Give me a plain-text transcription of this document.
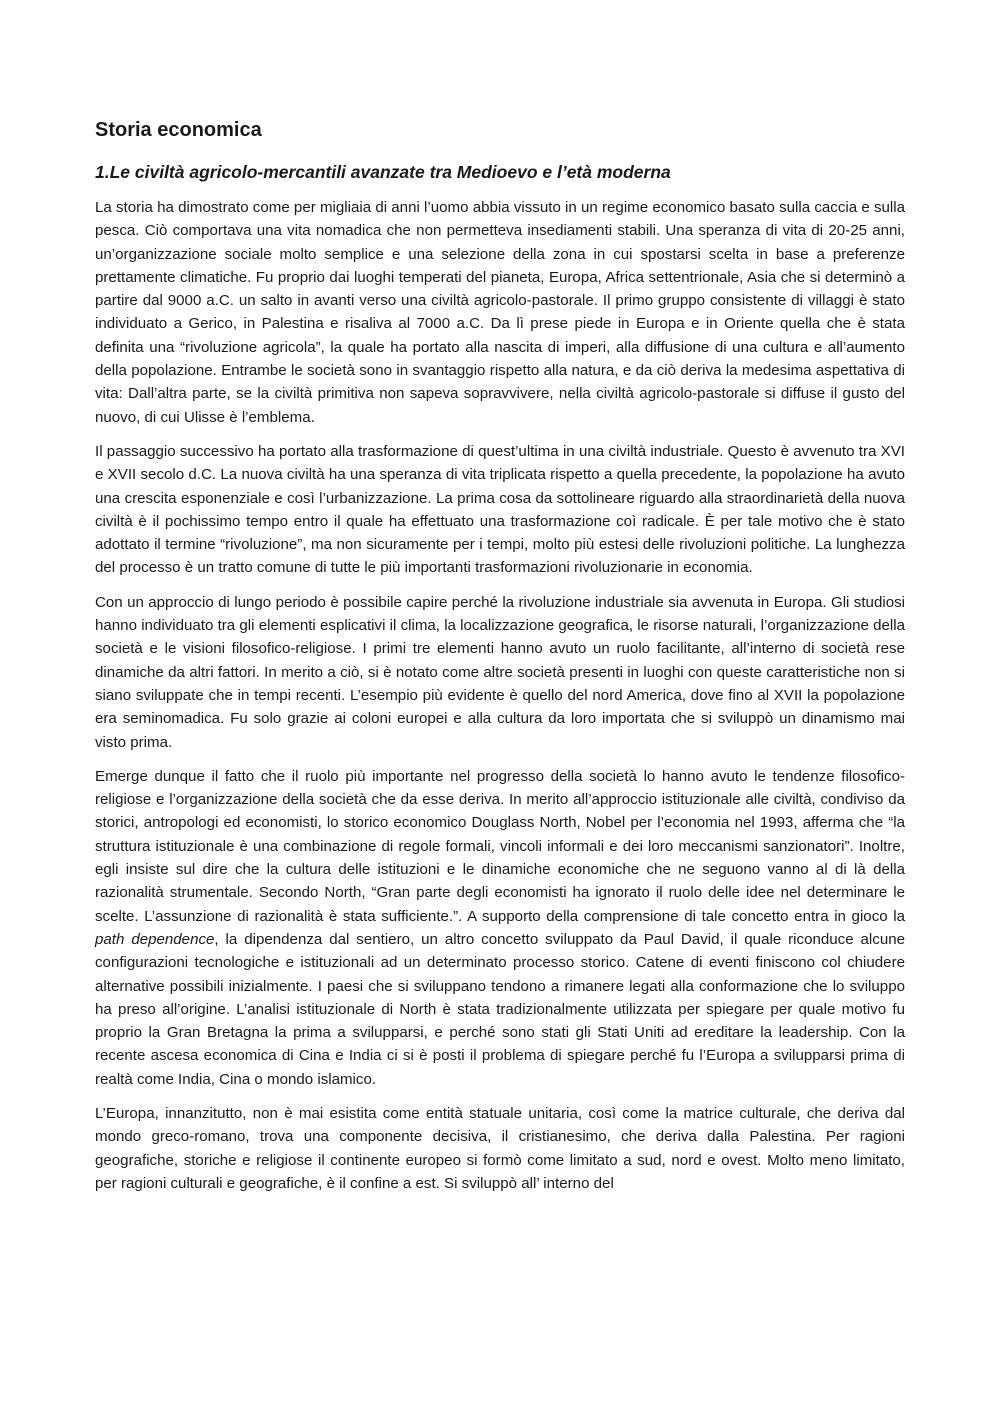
Storia economica
1.Le civiltà agricolo-mercantili avanzate tra Medioevo e l’età moderna

La storia ha dimostrato come per migliaia di anni l’uomo abbia vissuto in un regime economico basato sulla caccia e sulla pesca. Ciò comportava una vita nomadica che non permetteva insediamenti stabili. Una speranza di vita di 20-25 anni, un’organizzazione sociale molto semplice e una selezione della zona in cui spostarsi scelta in base a preferenze prettamente climatiche. Fu proprio dai luoghi temperati del pianeta, Europa, Africa settentrionale, Asia che si determinò a partire dal 9000 a.C. un salto in avanti verso una civiltà agricolo-pastorale. Il primo gruppo consistente di villaggi è stato individuato a Gerico, in Palestina e risaliva al 7000 a.C. Da lì prese piede in Europa e in Oriente quella che è stata definita una “rivoluzione agricola”, la quale ha portato alla nascita di imperi, alla diffusione di una cultura e all’aumento della popolazione. Entrambe le società sono in svantaggio rispetto alla natura, e da ciò deriva la medesima aspettativa di vita: Dall’altra parte, se la civiltà primitiva non sapeva sopravvivere, nella civiltà agricolo-pastorale si diffuse il gusto del nuovo, di cui Ulisse è l’emblema.

Il passaggio successivo ha portato alla trasformazione di quest’ultima in una civiltà industriale. Questo è avvenuto tra XVI e XVII secolo d.C. La nuova civiltà ha una speranza di vita triplicata rispetto a quella precedente, la popolazione ha avuto una crescita esponenziale e così l’urbanizzazione. La prima cosa da sottolineare riguardo alla straordinarietà della nuova civiltà è il pochissimo tempo entro il quale ha effettuato una trasformazione coì radicale. È per tale motivo che è stato adottato il termine “rivoluzione”, ma non sicuramente per i tempi, molto più estesi delle rivoluzioni politiche. La lunghezza del processo è un tratto comune di tutte le più importanti trasformazioni rivoluzionarie in economia.

Con un approccio di lungo periodo è possibile capire perché la rivoluzione industriale sia avvenuta in Europa. Gli studiosi hanno individuato tra gli elementi esplicativi il clima, la localizzazione geografica, le risorse naturali, l’organizzazione della società e le visioni filosofico-religiose. I primi tre elementi hanno avuto un ruolo facilitante, all’interno di società rese dinamiche da altri fattori. In merito a ciò, si è notato come altre società presenti in luoghi con queste caratteristiche non si siano sviluppate che in tempi recenti. L’esempio più evidente è quello del nord America, dove fino al XVII la popolazione era seminomadica. Fu solo grazie ai coloni europei e alla cultura da loro importata che si sviluppò un dinamismo mai visto prima.

Emerge dunque il fatto che il ruolo più importante nel progresso della società lo hanno avuto le tendenze filosofico-religiose e l’organizzazione della società che da esse deriva. In merito all’approccio istituzionale alle civiltà, condiviso da storici, antropologi ed economisti, lo storico economico Douglass North, Nobel per l’economia nel 1993, afferma che “la struttura istituzionale è una combinazione di regole formali, vincoli informali e dei loro meccanismi sanzionatori”. Inoltre, egli insiste sul dire che la cultura delle istituzioni e le dinamiche economiche che ne seguono vanno al di là della razionalità strumentale. Secondo North, “Gran parte degli economisti ha ignorato il ruolo delle idee nel determinare le scelte. L’assunzione di razionalità è stata sufficiente.”. A supporto della comprensione di tale concetto entra in gioco la path dependence, la dipendenza dal sentiero, un altro concetto sviluppato da Paul David, il quale riconduce alcune configurazioni tecnologiche e istituzionali ad un determinato processo storico. Catene di eventi finiscono col chiudere alternative possibili inizialmente. I paesi che si sviluppano tendono a rimanere legati alla conformazione che lo sviluppo ha preso all’origine. L’analisi istituzionale di North è stata tradizionalmente utilizzata per spiegare per quale motivo fu proprio la Gran Bretagna la prima a svilupparsi, e perché sono stati gli Stati Uniti ad ereditare la leadership. Con la recente ascesa economica di Cina e India ci si è posti il problema di spiegare perché fu l’Europa a svilupparsi prima di realtà come India, Cina o mondo islamico.

L’Europa, innanzitutto, non è mai esistita come entità statuale unitaria, così come la matrice culturale, che deriva dal mondo greco-romano, trova una componente decisiva, il cristianesimo, che deriva dalla Palestina. Per ragioni geografiche, storiche e religiose il continente europeo si formò come limitato a sud, nord e ovest. Molto meno limitato, per ragioni culturali e geografiche, è il confine a est. Si sviluppò all’ interno del
